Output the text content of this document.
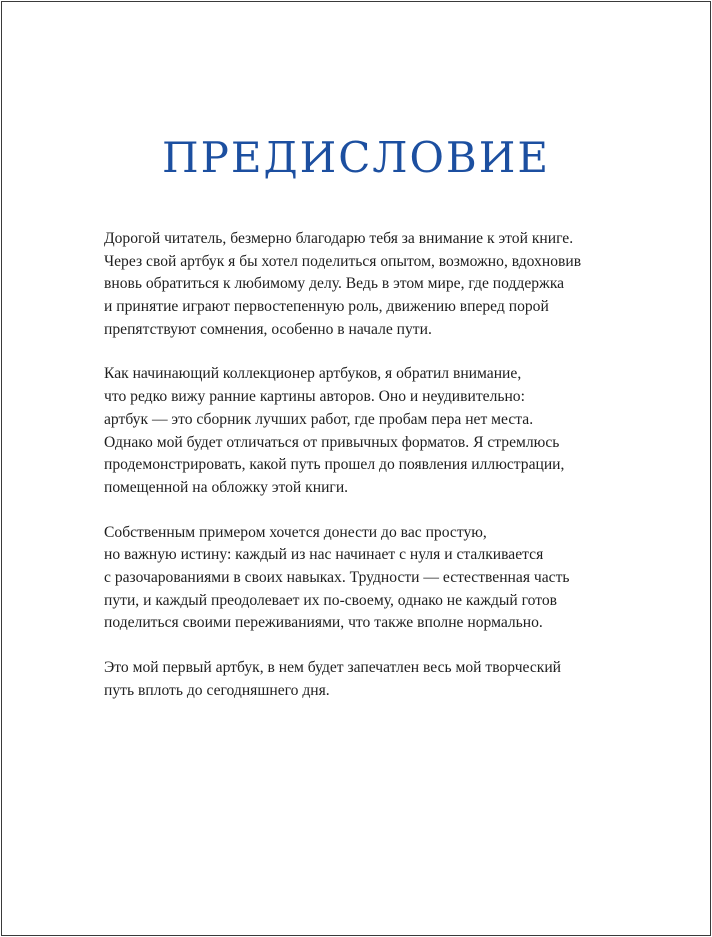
ПРЕДИСЛОВИЕ

Дорогой читатель, безмерно благодарю тебя за внимание к этой книге.
Через свой артбук я бы хотел поделиться опытом, возможно, вдохновив
вновь обратиться к любимому делу. Ведь в этом мире, где поддержка
и принятие играют первостепенную роль, движению вперед порой
препятствуют сомнения, особенно в начале пути.

Как начинающий коллекционер артбуков, я обратил внимание,
что редко вижу ранние картины авторов. Оно и неудивительно:
артбук — это сборник лучших работ, где пробам пера нет места.
Однако мой будет отличаться от привычных форматов. Я стремлюсь
продемонстрировать, какой путь прошел до появления иллюстрации,
помещенной на обложку этой книги.

Собственным примером хочется донести до вас простую,
но важную истину: каждый из нас начинает с нуля и сталкивается
с разочарованиями в своих навыках. Трудности — естественная часть
пути, и каждый преодолевает их по-своему, однако не каждый готов
поделиться своими переживаниями, что также вполне нормально.

Это мой первый артбук, в нем будет запечатлен весь мой творческий
путь вплоть до сегодняшнего дня.
